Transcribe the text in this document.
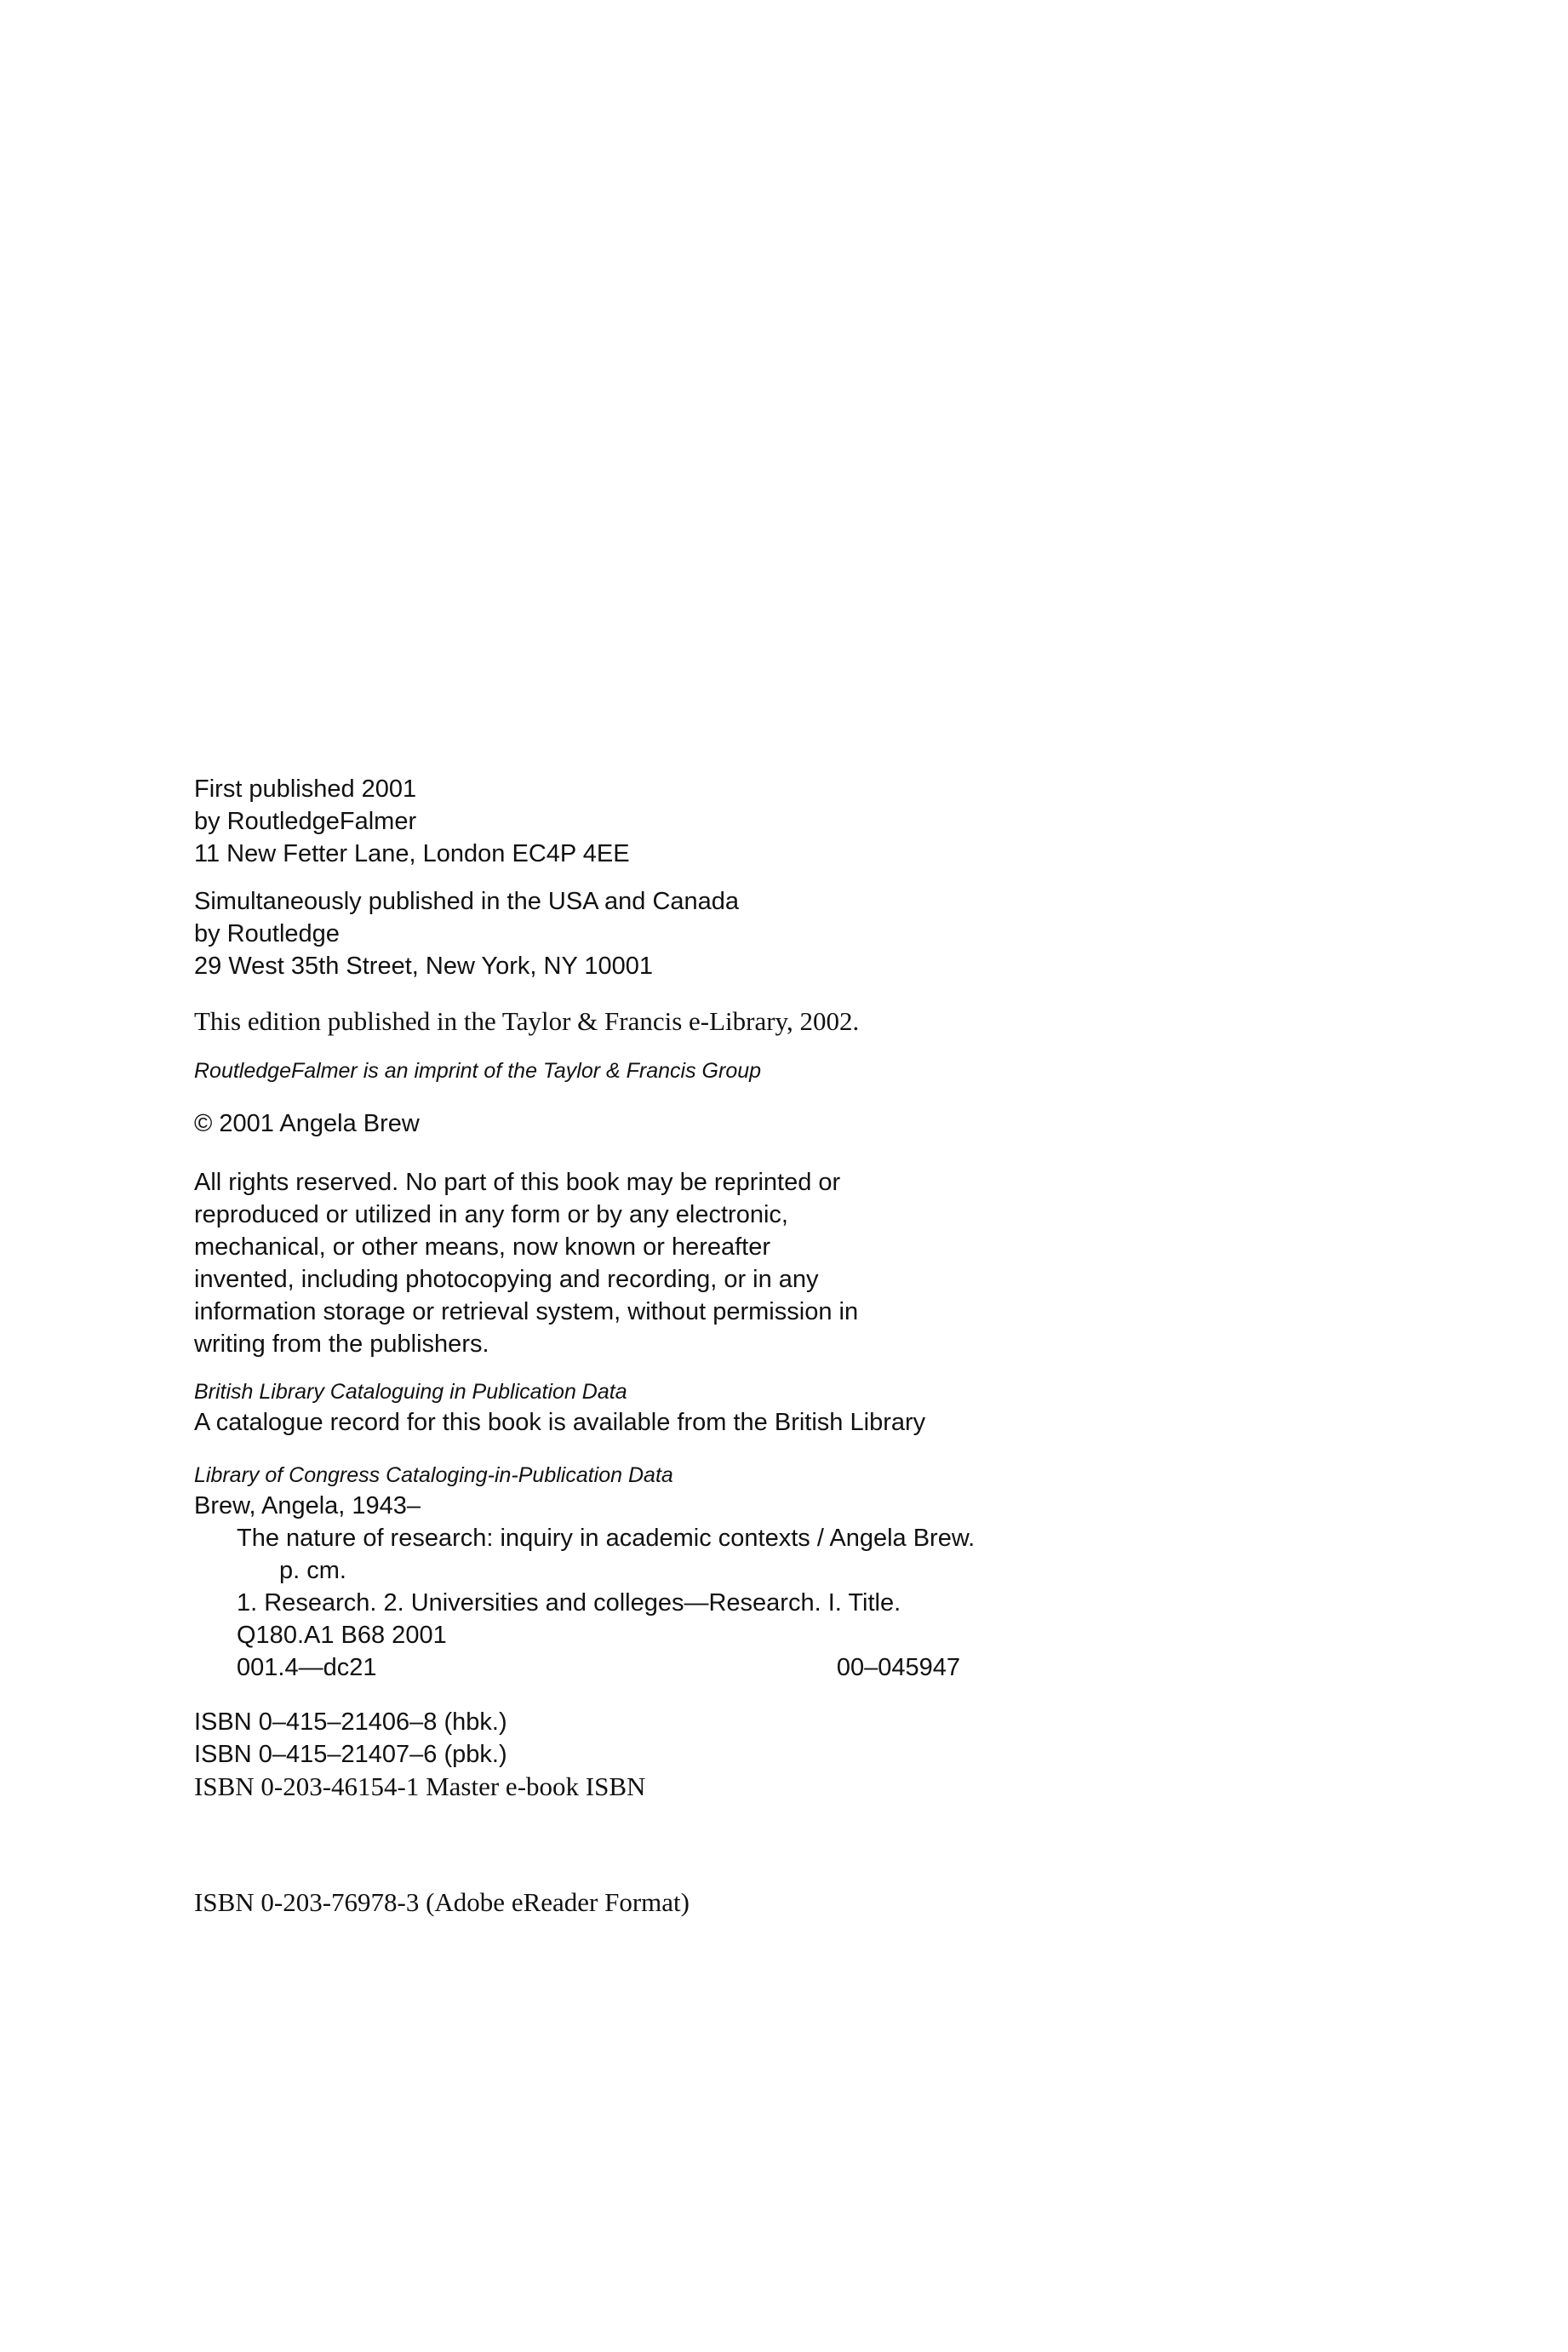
First published 2001
by RoutledgeFalmer
11 New Fetter Lane, London EC4P 4EE
Simultaneously published in the USA and Canada
by Routledge
29 West 35th Street, New York, NY 10001
This edition published in the Taylor & Francis e-Library, 2002.
RoutledgeFalmer is an imprint of the Taylor & Francis Group
© 2001 Angela Brew
All rights reserved. No part of this book may be reprinted or
reproduced or utilized in any form or by any electronic,
mechanical, or other means, now known or hereafter
invented, including photocopying and recording, or in any
information storage or retrieval system, without permission in
writing from the publishers.
British Library Cataloguing in Publication Data
A catalogue record for this book is available from the British Library
Library of Congress Cataloging-in-Publication Data
Brew, Angela, 1943–
The nature of research: inquiry in academic contexts / Angela Brew.
p. cm.
1. Research. 2. Universities and colleges—Research. I. Title.
Q180.A1 B68 2001
001.4—dc21	00–045947
ISBN 0–415–21406–8 (hbk.)
ISBN 0–415–21407–6 (pbk.)
ISBN 0-203-46154-1 Master e-book ISBN
ISBN 0-203-76978-3 (Adobe eReader Format)
